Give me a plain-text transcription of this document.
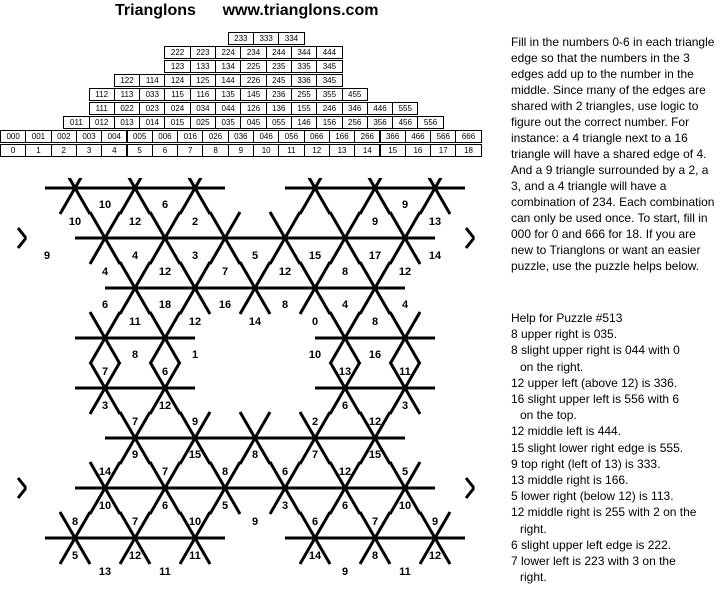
Trianglons www.trianglons.com
233	333	334
222	223	224	234	244	344	444
123	133	134	225	235	335	345
122	114	124	125	144	226	245	336	345
112	113	033	115	116	135	145	236	255	355	455
111	022	023	024	034	044	126	136	155	246	346	446	555
011	012	013	014	015	025	035	045	055	146	156	256	356	456	556
000	001	002	003	004	005	006	016	026	036	046	056	066	166	266	366	466	566	666
0	1	2	3	4	5	6	7	8	9	10	11	12	13	14	15	16	17	18
10	6	9
10	12	2	9	13
9	4	3	5	15	17	14
4	12	7	12	8	12
6	18	16	8	4	4
11	12	14	0	8
8	1	10	16
7	6	13	11
3	12	6	3
7	9	2	12
9	15	8	7	15
14	7	8	6	12	5
10	6	5	3	6	10
8	7	10	9	6	7	9
5	12	11	14	8	12
13	11	9	11

Fill in the numbers 0-6 in each triangle edge so that the numbers in the 3 edges add up to the number in the middle. Since many of the edges are shared with 2 triangles, use logic to figure out the correct number. For instance: a 4 triangle next to a 16 triangle will have a shared edge of 4. And a 9 triangle surrounded by a 2, a 3, and a 4 triangle will have a combination of 234. Each combination can only be used once. To start, fill in 000 for 0 and 666 for 18. If you are new to Trianglons or want an easier puzzle, use the puzzle helps below.

Help for Puzzle #513
8 upper right is 035.
8 slight upper right is 044 with 0
on the right.
12 upper left (above 12) is 336.
16 slight upper left is 556 with 6
on the top.
12 middle left is 444.
15 slight lower right edge is 555.
9 top right (left of 13) is 333.
13 middle right is 166.
5 lower right (below 12) is 113.
12 middle right is 255 with 2 on the
right.
6 slight upper left edge is 222.
7 lower left is 223 with 3 on the
right.
